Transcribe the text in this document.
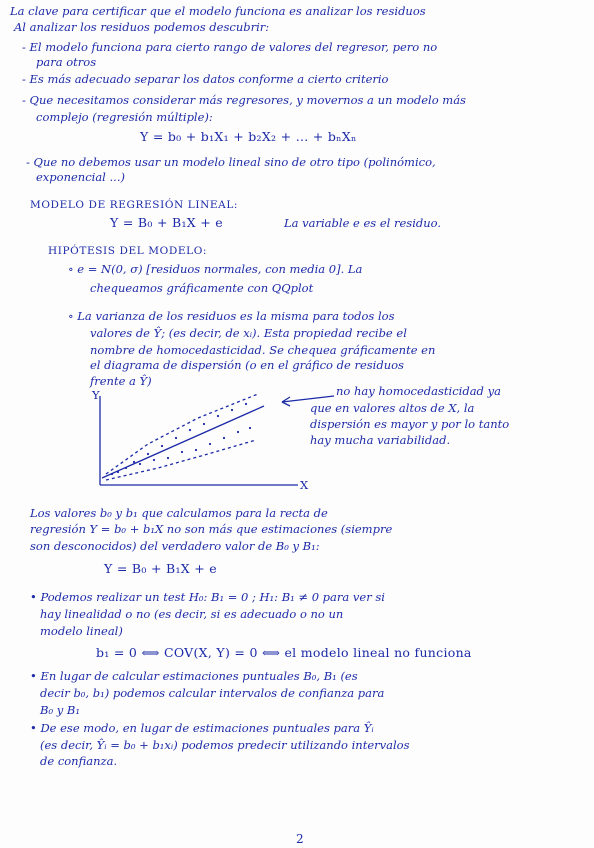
La clave para certificar que el modelo funciona es analizar los residuos
Al analizar los residuos podemos descubrir:
- El modelo funciona para cierto rango de valores del regresor, pero no
para otros
- Es más adecuado separar los datos conforme a cierto criterio
- Que necesitamos considerar más regresores, y movernos a un modelo más
complejo (regresión múltiple):
Y = b₀ + b₁X₁ + b₂X₂ + ... + bₙXₙ
- Que no debemos usar un modelo lineal sino de otro tipo (polinómico,
exponencial ...)
MODELO DE REGRESIÓN LINEAL:
Y = B₀ + B₁X + e	La variable e es el residuo.
HIPÓTESIS DEL MODELO:
∘ e = N(0, σ) [residuos normales, con media 0]. La
chequeamos gráficamente con QQplot
∘ La varianza de los residuos es la misma para todos los
valores de Ŷ; (es decir, de xᵢ). Esta propiedad recibe el
nombre de homocedasticidad. Se chequea gráficamente en
el diagrama de dispersión (o en el gráfico de residuos
frente a Ŷ)
Y
X
no hay homocedasticidad ya
que en valores altos de X, la
dispersión es mayor y por lo tanto
hay mucha variabilidad.
Los valores b₀ y b₁ que calculamos para la recta de
regresión Y = b₀ + b₁X no son más que estimaciones (siempre
son desconocidos) del verdadero valor de B₀ y B₁:
Y = B₀ + B₁X + e
• Podemos realizar un test H₀: B₁ = 0 ; H₁: B₁ ≠ 0 para ver si
hay linealidad o no (es decir, si es adecuado o no un
modelo lineal)
b₁ = 0 ⟺ COV(X, Y) = 0 ⟺ el modelo lineal no funciona
• En lugar de calcular estimaciones puntuales B₀, B₁ (es
decir b₀, b₁) podemos calcular intervalos de confianza para
B₀ y B₁
• De ese modo, en lugar de estimaciones puntuales para Ŷᵢ
(es decir, Ŷᵢ = b₀ + b₁xᵢ) podemos predecir utilizando intervalos
de confianza.
2
